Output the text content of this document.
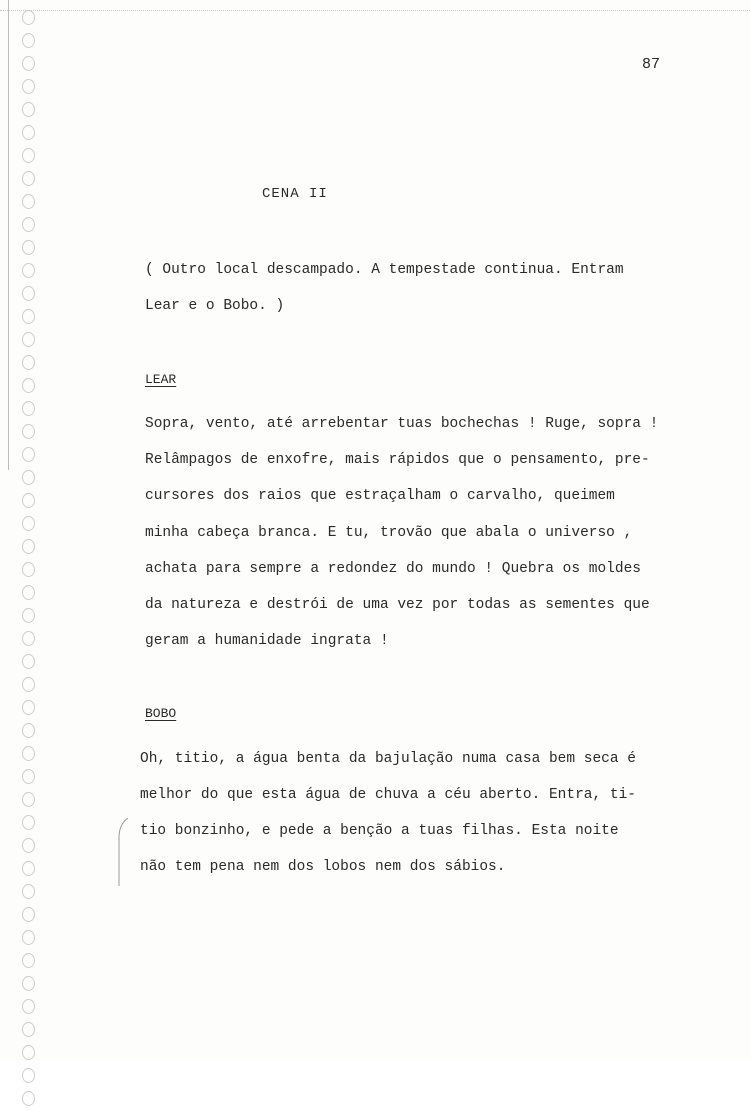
87
CENA II
( Outro local descampado. A tempestade continua. Entram
Lear e o Bobo. )
LEAR
Sopra, vento, até arrebentar tuas bochechas ! Ruge, sopra !
Relâmpagos de enxofre, mais rápidos que o pensamento, pre-
cursores dos raios que estraçalham o carvalho, queimem
minha cabeça branca. E tu, trovão que abala o universo ,
achata para sempre a redondez do mundo ! Quebra os moldes
da natureza e destrói de uma vez por todas as sementes que
geram a humanidade ingrata !
BOBO
Oh, titio, a água benta da bajulação numa casa bem seca é
melhor do que esta água de chuva a céu aberto. Entra, ti-
tio bonzinho, e pede a benção a tuas filhas. Esta noite
não tem pena nem dos lobos nem dos sábios.
